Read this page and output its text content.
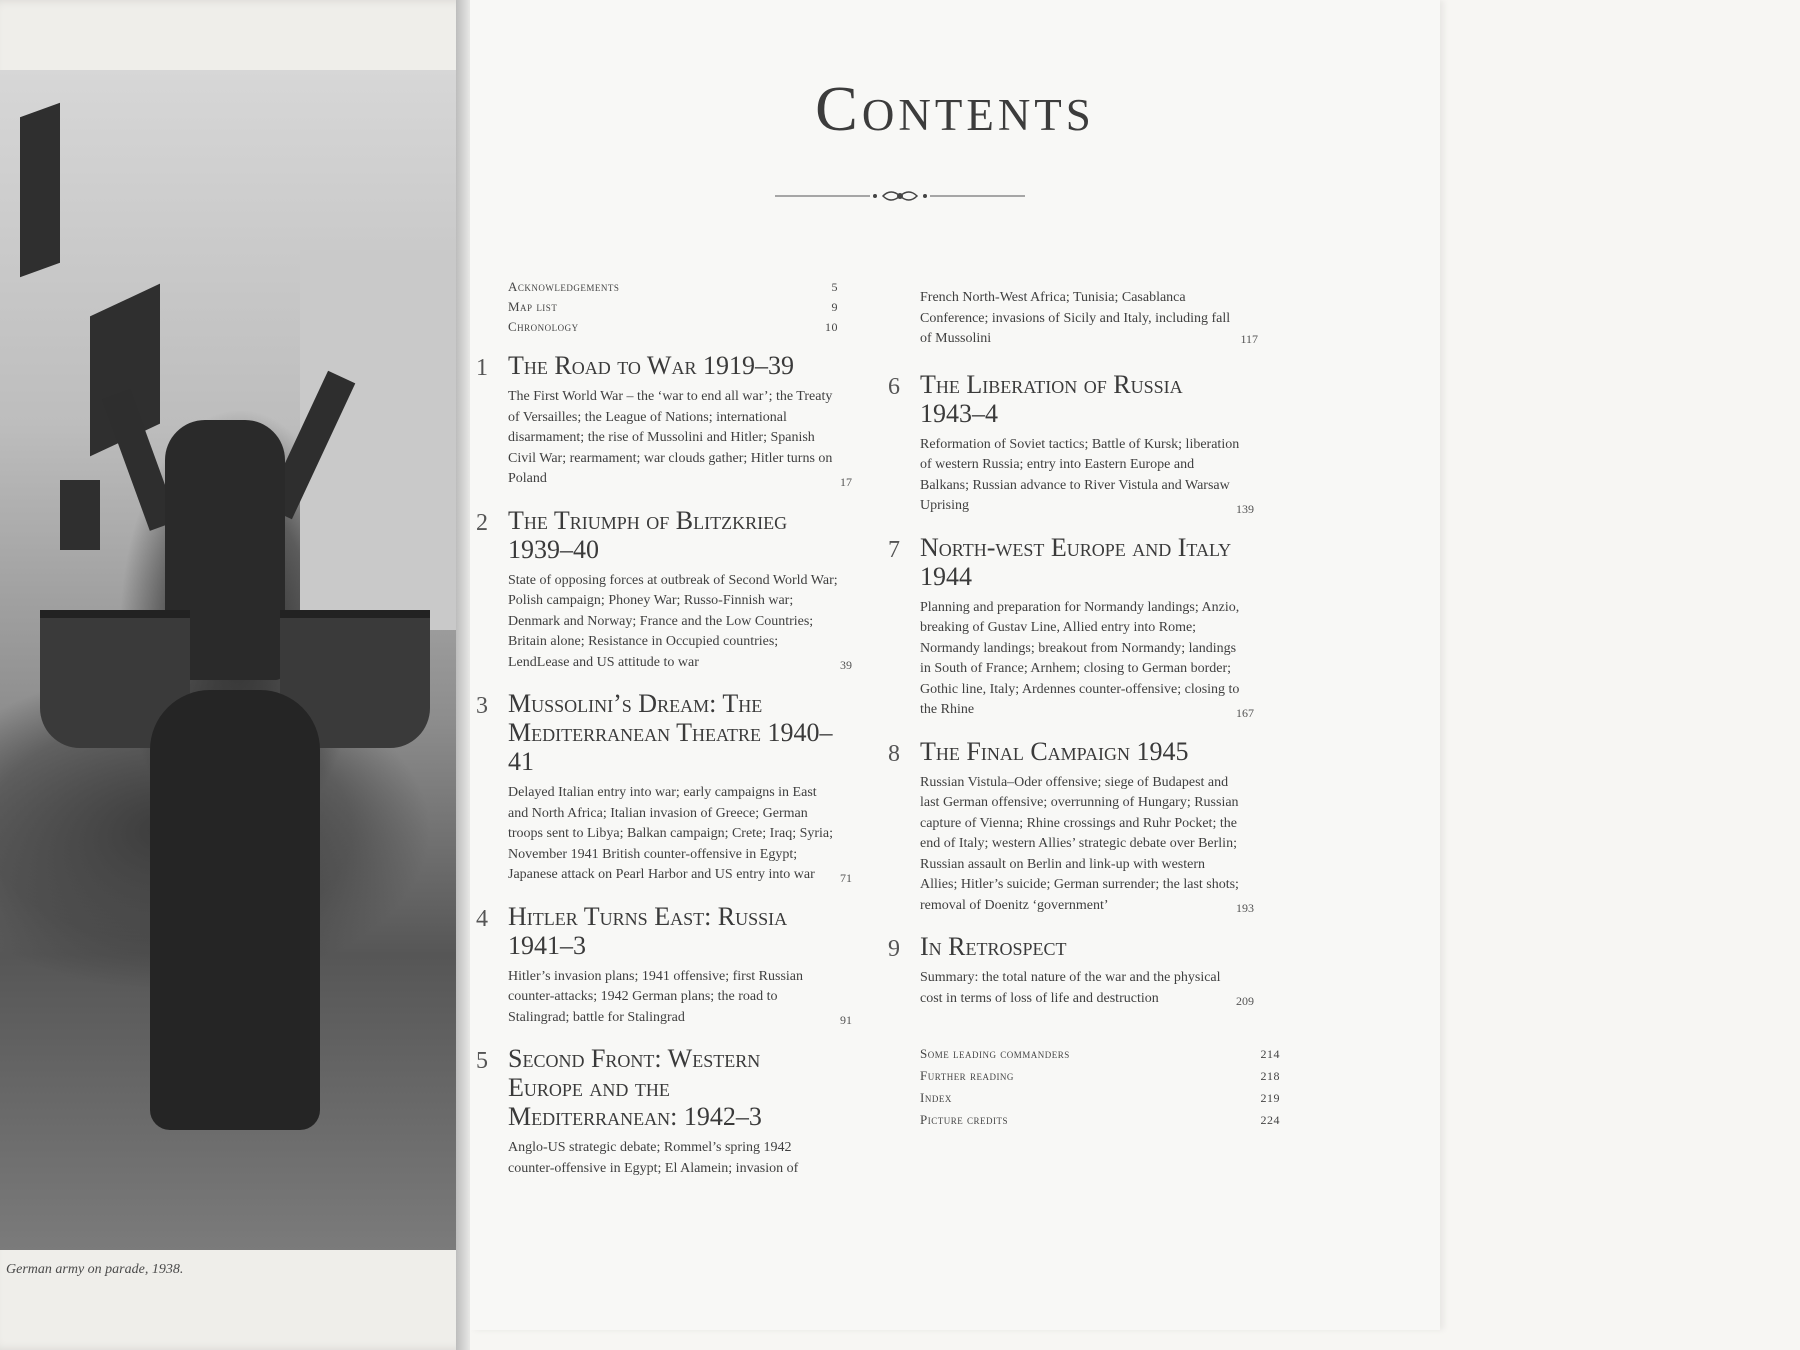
German army on parade, 1938.
Contents
Acknowledgements	5
Map list	9
Chronology	10
1 The Road to War 1919–39
The First World War – the ‘war to end all war’; the Treaty of Versailles; the League of Nations; international disarmament; the rise of Mussolini and Hitler; Spanish Civil War; rearmament; war clouds gather; Hitler turns on Poland	17
2 The Triumph of Blitzkrieg 1939–40
State of opposing forces at outbreak of Second World War; Polish campaign; Phoney War; Russo-Finnish war; Denmark and Norway; France and the Low Countries; Britain alone; Resistance in Occupied countries; LendLease and US attitude to war	39
3 Mussolini’s Dream: The Mediterranean Theatre 1940–41
Delayed Italian entry into war; early campaigns in East and North Africa; Italian invasion of Greece; German troops sent to Libya; Balkan campaign; Crete; Iraq; Syria; November 1941 British counter-offensive in Egypt; Japanese attack on Pearl Harbor and US entry into war	71
4 Hitler Turns East: Russia 1941–3
Hitler’s invasion plans; 1941 offensive; first Russian counter-attacks; 1942 German plans; the road to Stalingrad; battle for Stalingrad	91
5 Second Front: Western Europe and the Mediterranean: 1942–3
Anglo-US strategic debate; Rommel’s spring 1942 counter-offensive in Egypt; El Alamein; invasion of
French North-West Africa; Tunisia; Casablanca Conference; invasions of Sicily and Italy, including fall of Mussolini	117
6 The Liberation of Russia 1943–4
Reformation of Soviet tactics; Battle of Kursk; liberation of western Russia; entry into Eastern Europe and Balkans; Russian advance to River Vistula and Warsaw Uprising	139
7 North-west Europe and Italy 1944
Planning and preparation for Normandy landings; Anzio, breaking of Gustav Line, Allied entry into Rome; Normandy landings; breakout from Normandy; landings in South of France; Arnhem; closing to German border; Gothic line, Italy; Ardennes counter-offensive; closing to the Rhine	167
8 The Final Campaign 1945
Russian Vistula–Oder offensive; siege of Budapest and last German offensive; overrunning of Hungary; Russian capture of Vienna; Rhine crossings and Ruhr Pocket; the end of Italy; western Allies’ strategic debate over Berlin; Russian assault on Berlin and link-up with western Allies; Hitler’s suicide; German surrender; the last shots; removal of Doenitz ‘government’	193
9 In Retrospect
Summary: the total nature of the war and the physical cost in terms of loss of life and destruction	209
Some leading commanders	214
Further reading	218
Index	219
Picture credits	224
